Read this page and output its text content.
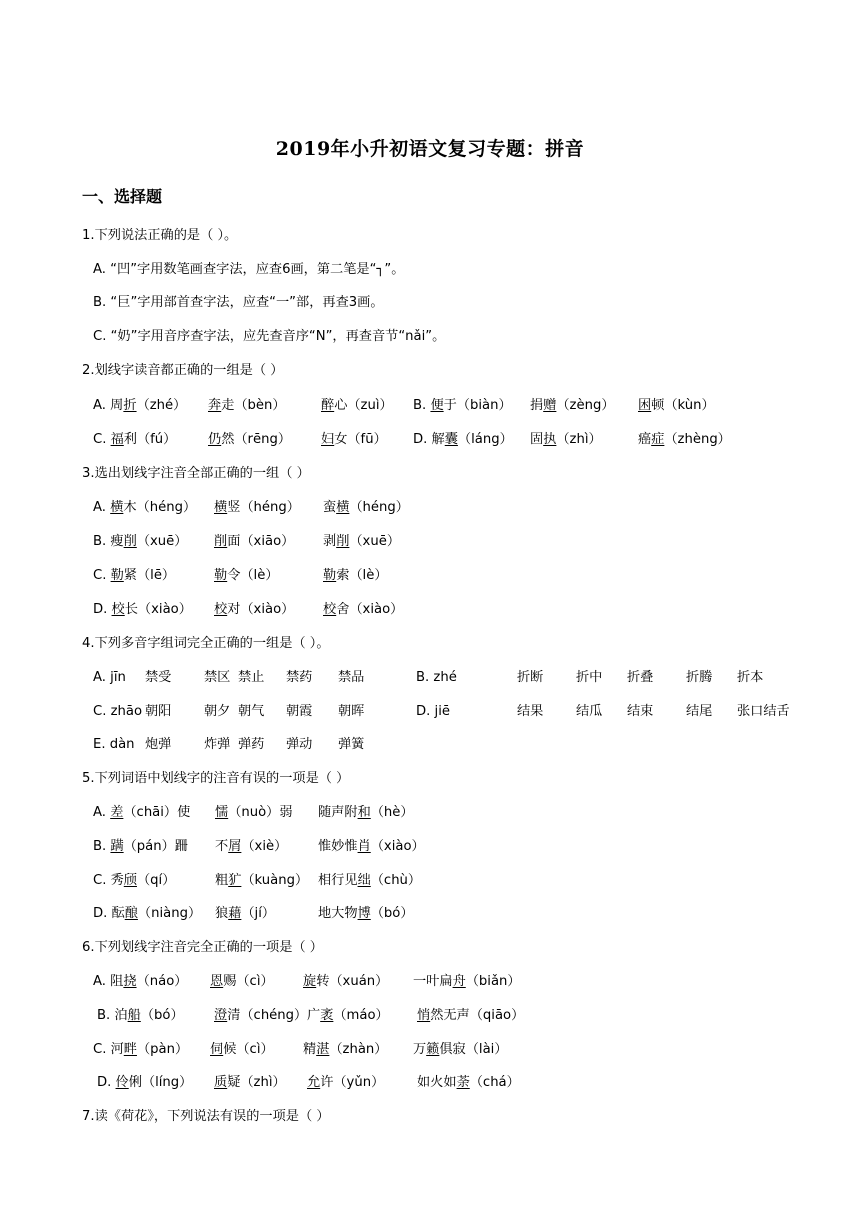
2019年小升初语文复习专题：拼音
一、选择题
1.下列说法正确的是（ ）。
A. “凹”字用数笔画查字法，应查6画，第二笔是“┐”。
B. “巨”字用部首查字法，应查“一”部，再查3画。
C. “奶”字用音序查字法，应先查音序“N”，再查音节“nǎi”。
2.划线字读音都正确的一组是（ ）
A. 周折（zhé） 奔走（bèn）	醉心（zuì） B. 便于（biàn） 捐赠（zèng） 困顿（kùn）
C. 福利（fú） 仍然（rēng） 妇女（fū） D. 解囊（láng） 固执（zhì）	癌症（zhèng）
3.选出划线字注音全部正确的一组（ ）
A. 横木（héng） 横竖（héng） 蛮横（héng）
B. 瘦削（xuē） 削面（xiāo） 剥削（xuē）
C. 勒紧（lē）	勒令（lè）	勒索（lè）
D. 校长（xiào） 校对（xiào） 校舍（xiào）
4.下列多音字组词完全正确的一组是（ ）。
A. jīn 禁受 禁区 禁止 禁药 禁品	B. zhé	折断 折中 折叠 折腾 折本
C. zhāo 朝阳 朝夕 朝气 朝霞 朝晖	D. jiē	结果 结瓜 结束 结尾 张口结舌
E. dàn 炮弹 炸弹 弹药 弹动 弹簧
5.下列词语中划线字的注音有误的一项是（ ）
A. 差（chāi）使 懦（nuò）弱 随声附和（hè）
B. 蹒（pán）跚 不屑（xiè） 惟妙惟肖（xiào）
C. 秀颀（qí）	粗犷（kuàng） 相行见绌（chù）
D. 酝酿（niàng） 狼藉（jí）	地大物博（bó）
6.下列划线字注音完全正确的一项是（ ）
A. 阻挠（náo） 恩赐（cì） 旋转（xuán） 一叶扁舟（biǎn）
B. 泊船（bó） 澄清（chéng） 广袤（máo） 悄然无声（qiāo）
C. 河畔（pàn） 伺候（cì） 精湛（zhàn） 万籁俱寂（lài）
D. 伶俐（líng） 质疑（zhì） 允许（yǔn） 如火如荼（chá）
7.读《荷花》，下列说法有误的一项是（ ）
